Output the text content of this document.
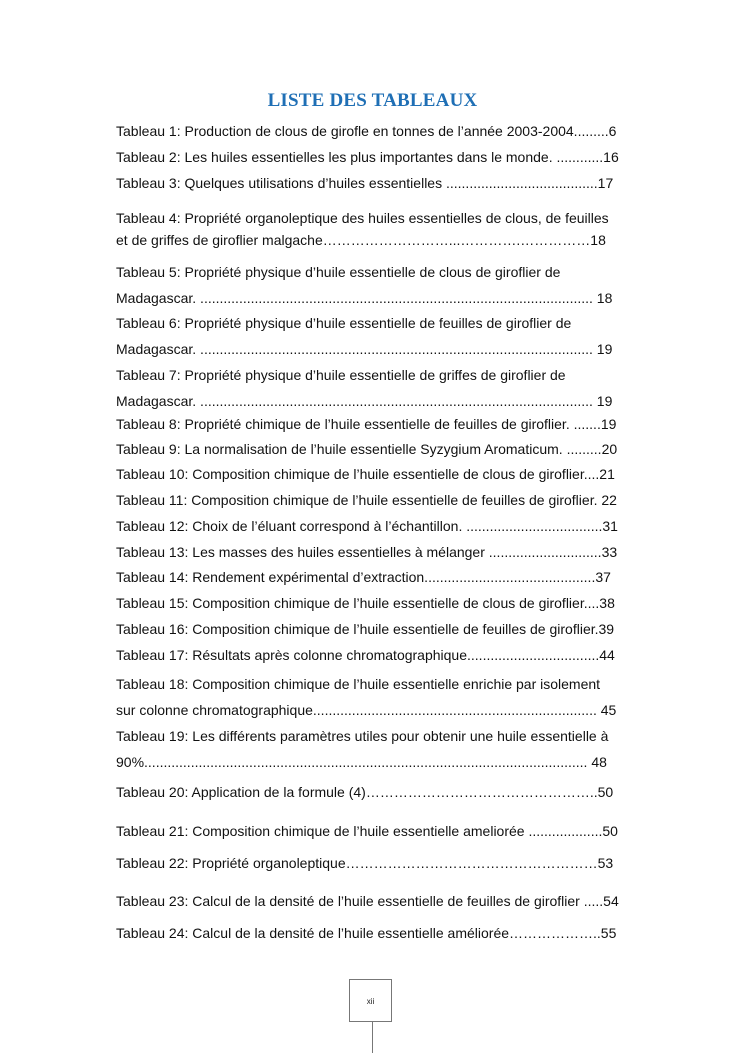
LISTE DES TABLEAUX
Tableau 1: Production de clous de girofle en tonnes de l’année 2003-2004.........6
Tableau 2: Les huiles essentielles les plus importantes dans le monde. ............16
Tableau 3: Quelques utilisations d’huiles essentielles .......................................17
Tableau 4: Propriété organoleptique des huiles essentielles de clous, de feuilles
et de griffes de giroflier malgache………………………...………….……………18
Tableau 5: Propriété physique d’huile essentielle de clous de giroflier de
Madagascar. ..................................................................................................... 18
Tableau 6: Propriété physique d’huile essentielle de feuilles de giroflier de
Madagascar. ..................................................................................................... 19
Tableau 7: Propriété physique d’huile essentielle de griffes de giroflier de
Madagascar. ..................................................................................................... 19
Tableau 8: Propriété chimique de l’huile essentielle de feuilles de giroflier. .......19
Tableau 9: La normalisation de l’huile essentielle Syzygium Aromaticum. .........20
Tableau 10: Composition chimique de l’huile essentielle de clous de giroflier....21
Tableau 11: Composition chimique de l’huile essentielle de feuilles de giroflier. 22
Tableau 12: Choix de l’éluant correspond à l’échantillon. ...................................31
Tableau 13: Les masses des huiles essentielles à mélanger .............................33
Tableau 14: Rendement expérimental d’extraction............................................37
Tableau 15: Composition chimique de l’huile essentielle de clous de giroflier....38
Tableau 16: Composition chimique de l’huile essentielle de feuilles de giroflier.39
Tableau 17: Résultats après colonne chromatographique..................................44
Tableau 18: Composition chimique de l’huile essentielle enrichie par isolement
sur colonne chromatographique......................................................................... 45
Tableau 19: Les différents paramètres utiles pour obtenir une huile essentielle à
90%.................................................................................................................. 48
Tableau 20: Application de la formule (4)…………………………………………..50
Tableau 21: Composition chimique de l’huile essentielle ameliorée ...................50
Tableau 22: Propriété organoleptique………………………………………………53
Tableau 23: Calcul de la densité de l’huile essentielle de feuilles de giroflier .....54
Tableau 24: Calcul de la densité de l’huile essentielle améliorée………………..55
xii
